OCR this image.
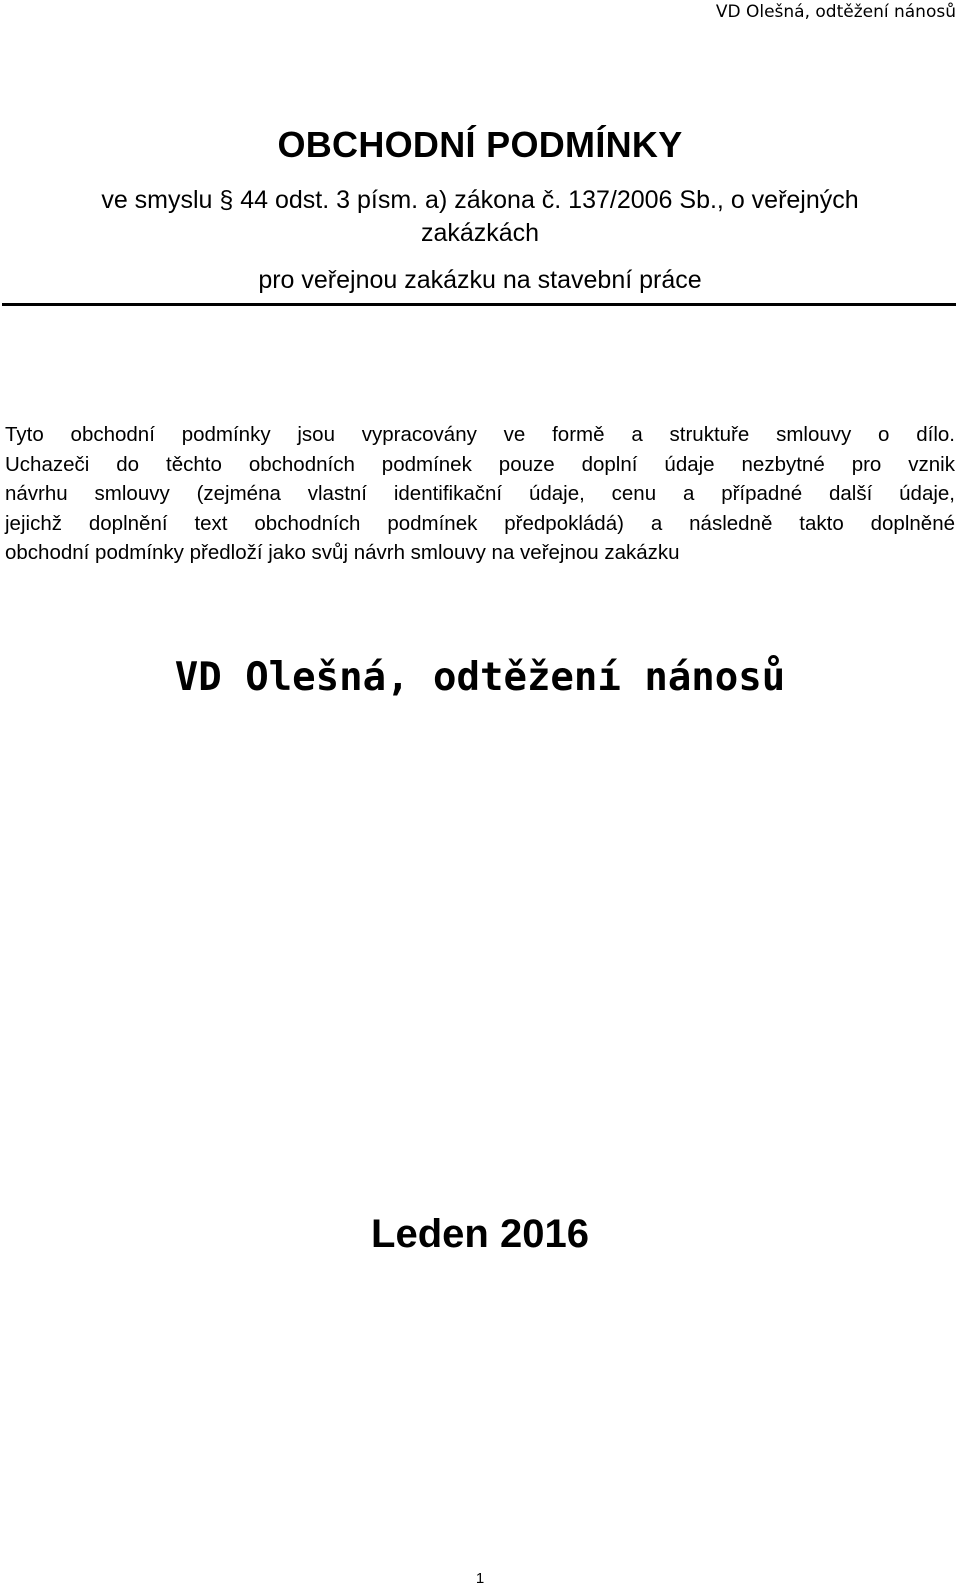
VD Olešná, odtěžení nánosů
OBCHODNÍ PODMÍNKY
ve smyslu § 44 odst. 3 písm. a) zákona č. 137/2006 Sb., o veřejných
zakázkách
pro veřejnou zakázku na stavební práce
Tyto obchodní podmínky jsou vypracovány ve formě a struktuře smlouvy o dílo.
Uchazeči do těchto obchodních podmínek pouze doplní údaje nezbytné pro vznik
návrhu smlouvy (zejména vlastní identifikační údaje, cenu a případné další údaje,
jejichž doplnění text obchodních podmínek předpokládá) a následně takto doplněné
obchodní podmínky předloží jako svůj návrh smlouvy na veřejnou zakázku
VD Olešná, odtěžení nánosů
Leden 2016
1
